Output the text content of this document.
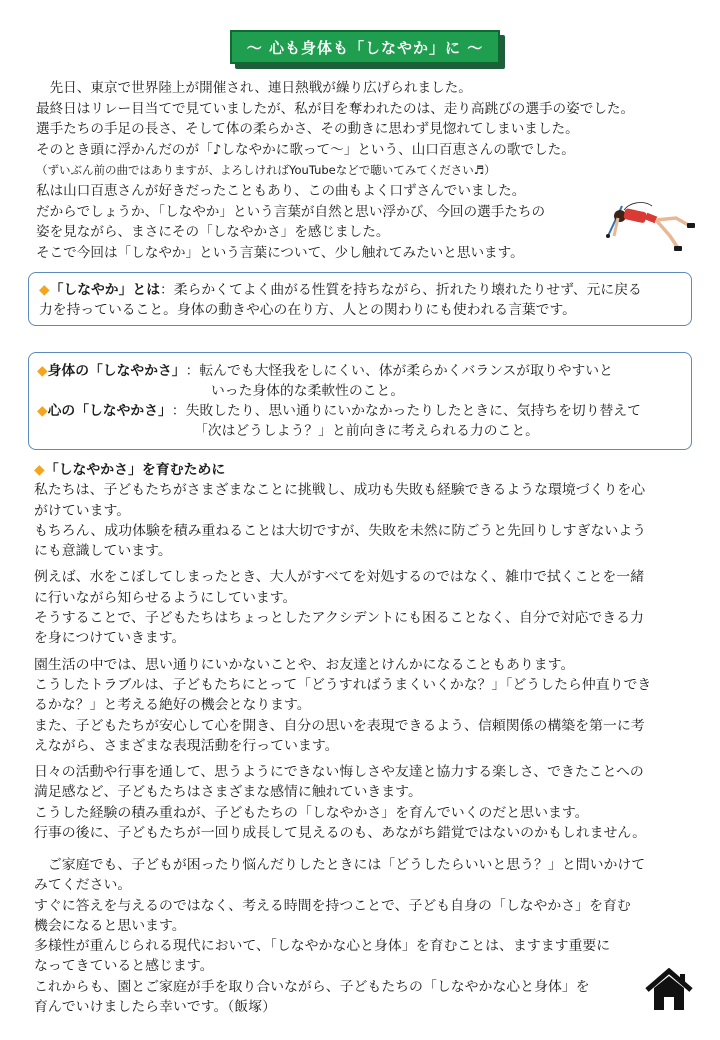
～ 心も身体も「しなやか」に ～

　先日、東京で世界陸上が開催され、連日熱戦が繰り広げられました。

最終日はリレー目当てで見ていましたが、私が目を奪われたのは、走り高跳びの選手の姿でした。

選手たちの手足の長さ、そして体の柔らかさ、その動きに思わず見惚れてしまいました。

そのとき頭に浮かんだのが「♪しなやかに歌って～」という、山口百恵さんの歌でした。

（ずいぶん前の曲ではありますが、よろしければYouTubeなどで聴いてみてください♬）

私は山口百恵さんが好きだったこともあり、この曲もよく口ずさんでいました。

だからでしょうか、「しなやか」という言葉が自然と思い浮かび、今回の選手たちの

姿を見ながら、まさにその「しなやかさ」を感じました。

そこで今回は「しなやか」という言葉について、少し触れてみたいと思います。

◆「しなやか」とは：柔らかくてよく曲がる性質を持ちながら、折れたり壊れたりせず、元に戻る

力を持っていること。身体の動きや心の在り方、人との関わりにも使われる言葉です。

◆身体の「しなやかさ」 ：転んでも大怪我をしにくい、体が柔らかくバランスが取りやすいと
いった身体的な柔軟性のこと。
◆心の「しなやかさ」 ：失敗したり、思い通りにいかなかったりしたときに、気持ちを切り替えて
「次はどうしよう？」と前向きに考えられる力のこと。
◆「しなやかさ」を育むために

私たちは、子どもたちがさまざまなことに挑戦し、成功も失敗も経験できるような環境づくりを心

がけています。

もちろん、成功体験を積み重ねることは大切ですが、失敗を未然に防ごうと先回りしすぎないよう

にも意識しています。

例えば、水をこぼしてしまったとき、大人がすべてを対処するのではなく、雑巾で拭くことを一緒

に行いながら知らせるようにしています。

そうすることで、子どもたちはちょっとしたアクシデントにも困ることなく、自分で対応できる力

を身につけていきます。

園生活の中では、思い通りにいかないことや、お友達とけんかになることもあります。

こうしたトラブルは、子どもたちにとって「どうすればうまくいくかな？」「どうしたら仲直りでき

るかな？」と考える絶好の機会となります。

また、子どもたちが安心して心を開き、自分の思いを表現できるよう、信頼関係の構築を第一に考

えながら、さまざまな表現活動を行っています。

日々の活動や行事を通して、思うようにできない悔しさや友達と協力する楽しさ、できたことへの

満足感など、子どもたちはさまざまな感情に触れていきます。

こうした経験の積み重ねが、子どもたちの「しなやかさ」を育んでいくのだと思います。

行事の後に、子どもたちが一回り成長して見えるのも、あながち錯覚ではないのかもしれません。

　ご家庭でも、子どもが困ったり悩んだりしたときには「どうしたらいいと思う？」と問いかけて

みてください。

すぐに答えを与えるのではなく、考える時間を持つことで、子ども自身の「しなやかさ」を育む

機会になると思います。

多様性が重んじられる現代において、「しなやかな心と身体」を育むことは、ますます重要に

なってきていると感じます。

これからも、園とご家庭が手を取り合いながら、子どもたちの「しなやかな心と身体」を

育んでいけましたら幸いです。（飯塚）
